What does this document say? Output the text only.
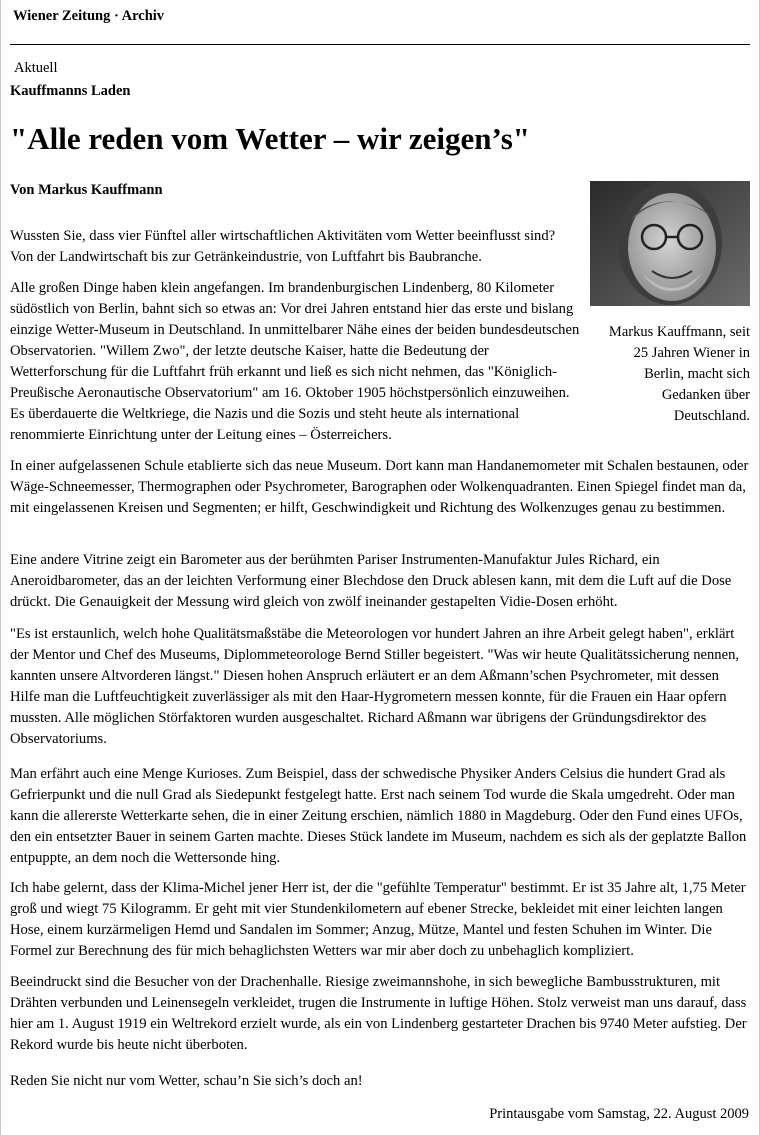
Wiener Zeitung · Archiv
Aktuell
Kauffmanns Laden
"Alle reden vom Wetter – wir zeigen’s"
Von Markus Kauffmann
Markus Kauffmann, seit 25 Jahren Wiener in Berlin, macht sich Gedanken über Deutschland.

Wussten Sie, dass vier Fünftel aller wirtschaftlichen Aktivitäten vom Wetter beeinflusst sind? Von der Landwirtschaft bis zur Getränkeindustrie, von Luftfahrt bis Baubranche.

Alle großen Dinge haben klein angefangen. Im brandenburgischen Lindenberg, 80 Kilometer südöstlich von Berlin, bahnt sich so etwas an: Vor drei Jahren entstand hier das erste und bislang einzige Wetter-Museum in Deutschland. In unmittelbarer Nähe eines der beiden bundesdeutschen Observatorien. "Willem Zwo", der letzte deutsche Kaiser, hatte die Bedeutung der Wetterforschung für die Luftfahrt früh erkannt und ließ es sich nicht nehmen, das "Königlich-Preußische Aeronautische Observatorium" am 16. Oktober 1905 höchstpersönlich einzuweihen. Es überdauerte die Weltkriege, die Nazis und die Sozis und steht heute als international renommierte Einrichtung unter der Leitung eines – Österreichers.

In einer aufgelassenen Schule etablierte sich das neue Museum. Dort kann man Handanemometer mit Schalen bestaunen, oder Wäge-Schneemesser, Thermographen oder Psychrometer, Barographen oder Wolkenquadranten. Einen Spiegel findet man da, mit eingelassenen Kreisen und Segmenten; er hilft, Geschwindigkeit und Richtung des Wolkenzuges genau zu bestimmen.

Eine andere Vitrine zeigt ein Barometer aus der berühmten Pariser Instrumenten-Manufaktur Jules Richard, ein Aneroidbarometer, das an der leichten Verformung einer Blechdose den Druck ablesen kann, mit dem die Luft auf die Dose drückt. Die Genauigkeit der Messung wird gleich von zwölf ineinander gestapelten Vidie-Dosen erhöht.

"Es ist erstaunlich, welch hohe Qualitätsmaßstäbe die Meteorologen vor hundert Jahren an ihre Arbeit gelegt haben", erklärt der Mentor und Chef des Museums, Diplommeteorologe Bernd Stiller begeistert. "Was wir heute Qualitätssicherung nennen, kannten unsere Altvorderen längst." Diesen hohen Anspruch erläutert er an dem Aßmann’schen Psychrometer, mit dessen Hilfe man die Luftfeuchtigkeit zuverlässiger als mit den Haar-Hygrometern messen konnte, für die Frauen ein Haar opfern mussten. Alle möglichen Störfaktoren wurden ausgeschaltet. Richard Aßmann war übrigens der Gründungsdirektor des Observatoriums.

Man erfährt auch eine Menge Kurioses. Zum Beispiel, dass der schwedische Physiker Anders Celsius die hundert Grad als Gefrierpunkt und die null Grad als Siedepunkt festgelegt hatte. Erst nach seinem Tod wurde die Skala umgedreht. Oder man kann die allererste Wetterkarte sehen, die in einer Zeitung erschien, nämlich 1880 in Magdeburg. Oder den Fund eines UFOs, den ein entsetzter Bauer in seinem Garten machte. Dieses Stück landete im Museum, nachdem es sich als der geplatzte Ballon entpuppte, an dem noch die Wettersonde hing.

Ich habe gelernt, dass der Klima-Michel jener Herr ist, der die "gefühlte Temperatur" bestimmt. Er ist 35 Jahre alt, 1,75 Meter groß und wiegt 75 Kilogramm. Er geht mit vier Stundenkilometern auf ebener Strecke, bekleidet mit einer leichten langen Hose, einem kurzärmeligen Hemd und Sandalen im Sommer; Anzug, Mütze, Mantel und festen Schuhen im Winter. Die Formel zur Berechnung des für mich behaglichsten Wetters war mir aber doch zu unbehaglich kompliziert.

Beeindruckt sind die Besucher von der Drachenhalle. Riesige zweimannshohe, in sich bewegliche Bambusstrukturen, mit Drähten verbunden und Leinensegeln verkleidet, trugen die Instrumente in luftige Höhen. Stolz verweist man uns darauf, dass hier am 1. August 1919 ein Weltrekord erzielt wurde, als ein von Lindenberg gestarteter Drachen bis 9740 Meter aufstieg. Der Rekord wurde bis heute nicht überboten.

Reden Sie nicht nur vom Wetter, schau’n Sie sich’s doch an!

Printausgabe vom Samstag, 22. August 2009
